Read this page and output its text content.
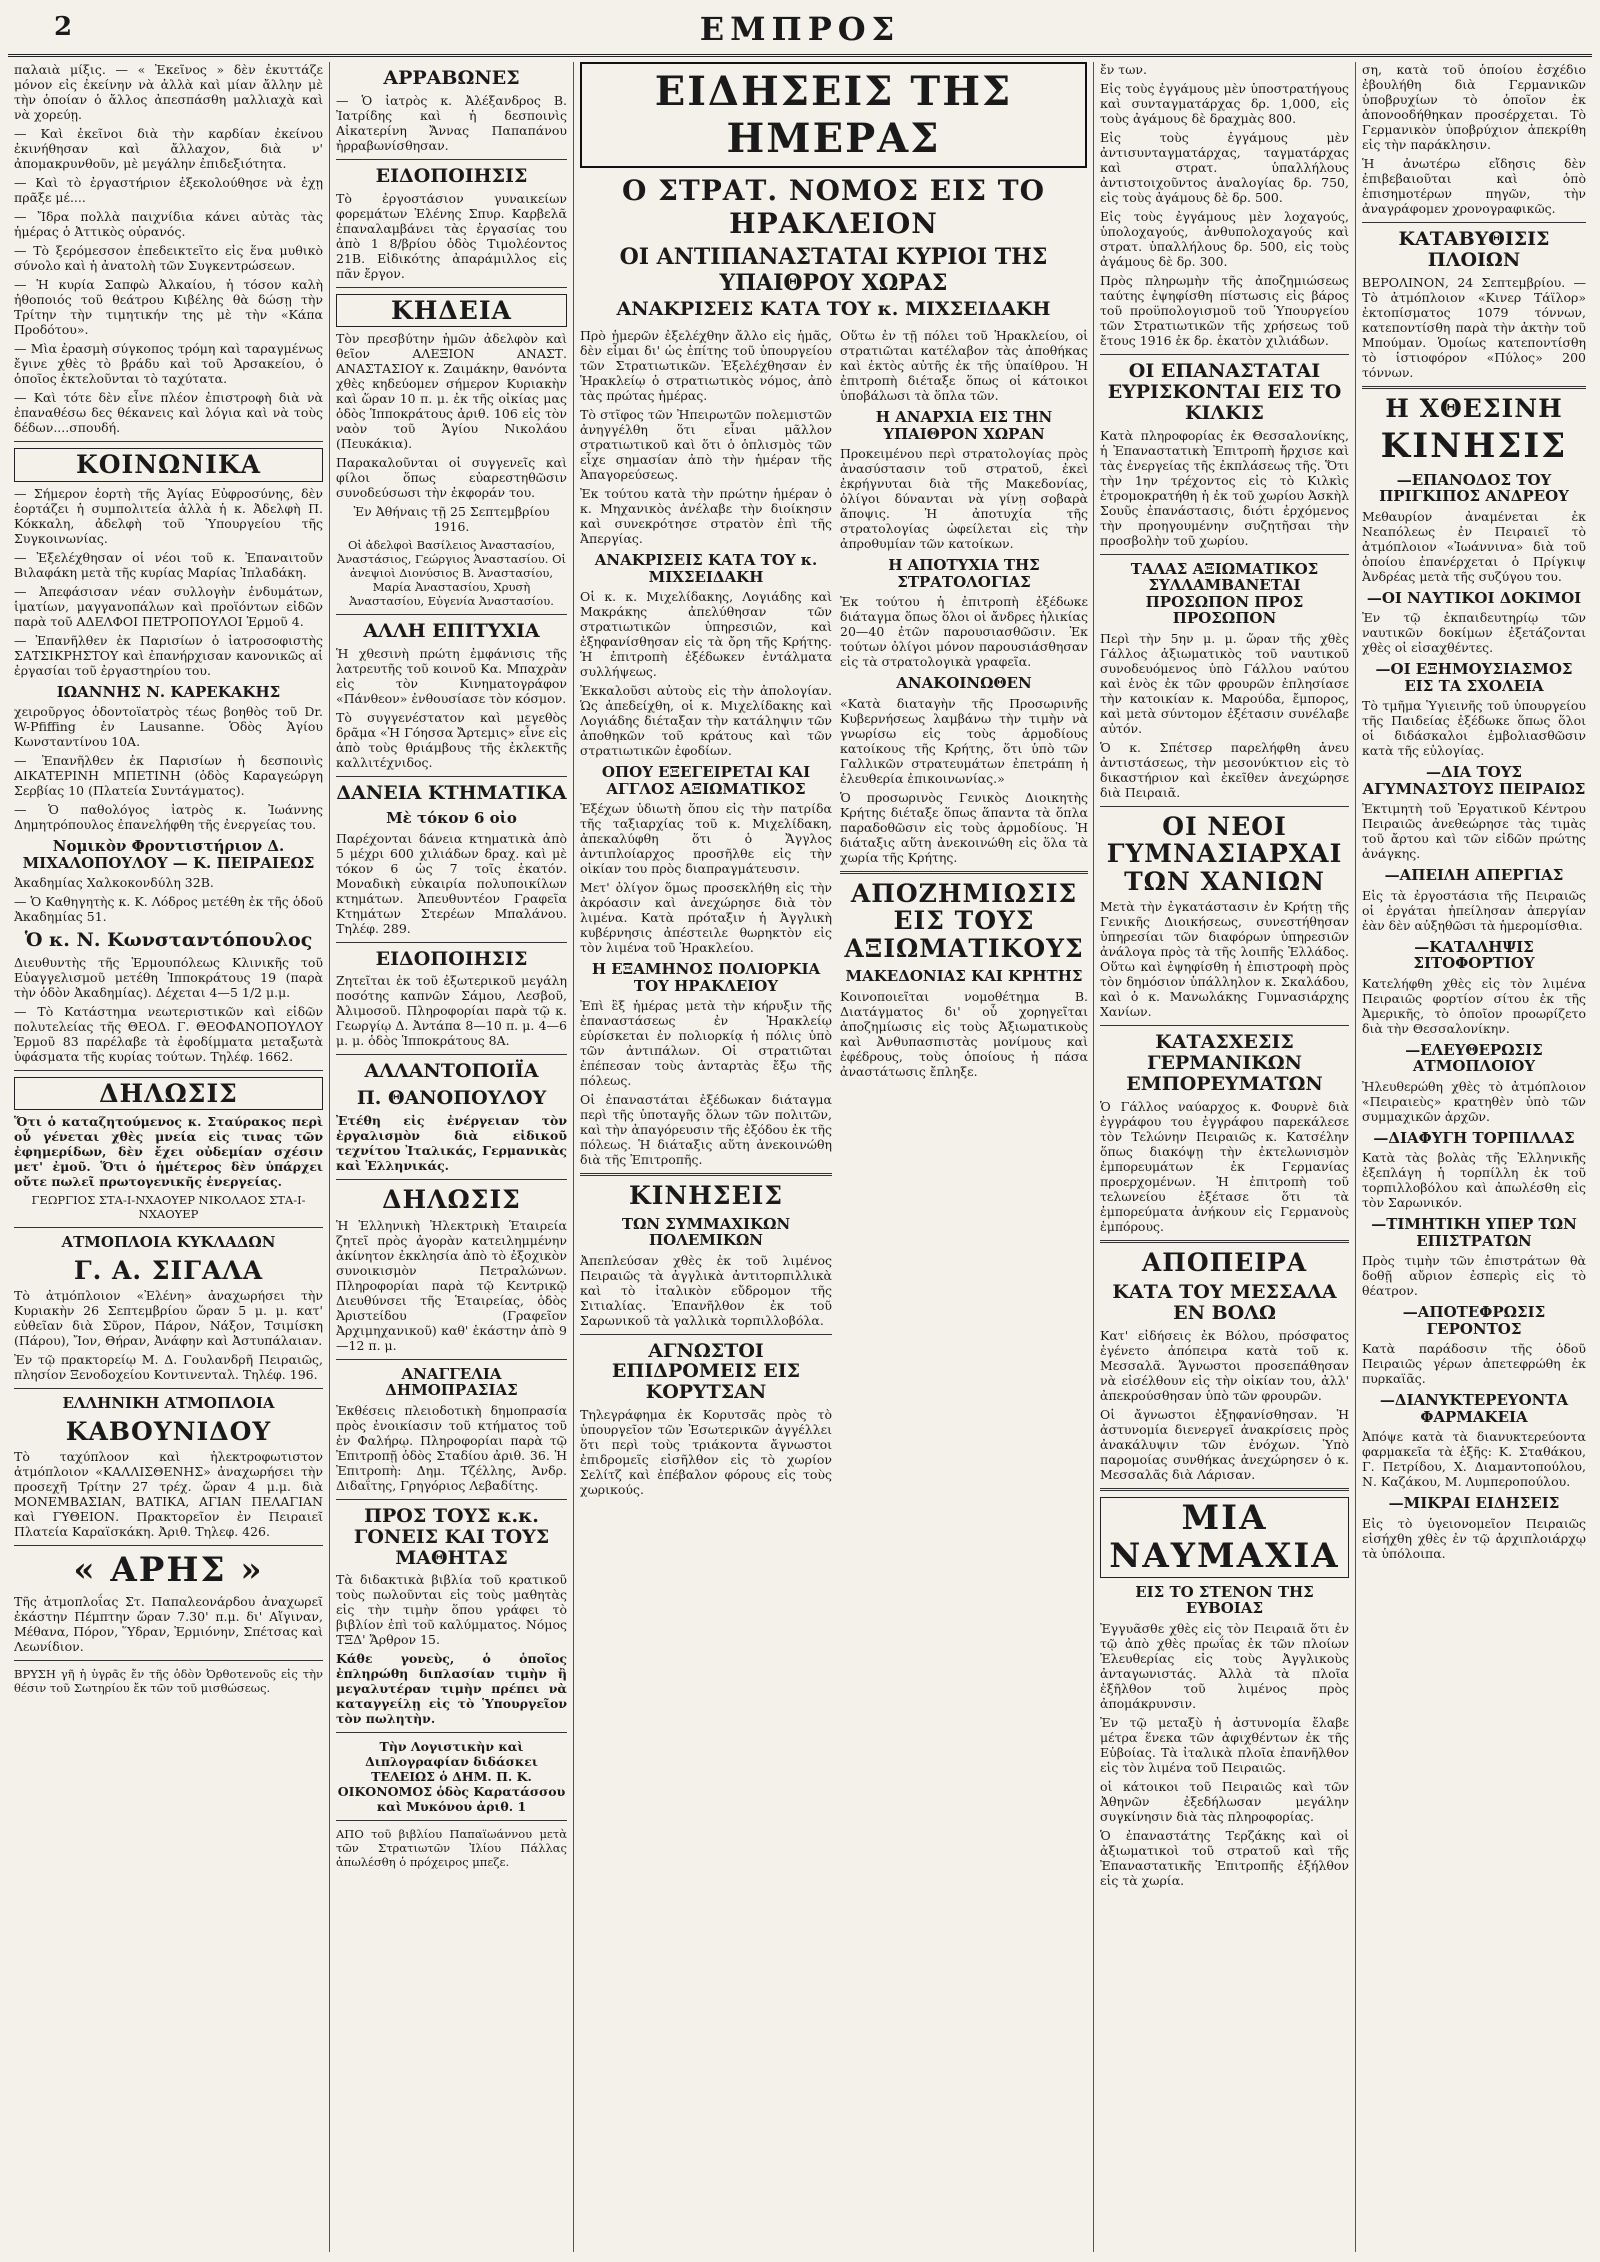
2	ΕΜΠΡΟΣ

παλαιὰ μίξις. — « Ἐκεῖνος » δὲν ἐκυττάζε μόνον εἰς ἐκείνην νὰ ἀλλὰ καὶ μίαν ἄλλην μὲ τὴν ὁποίαν ὁ ἄλλος ἀπεσπάσθη μαλλιαχὰ καὶ νὰ χορεύῃ.

— Καὶ ἐκεῖνοι διὰ τὴν καρδίαν ἐκείνου ἐκινήθησαν καὶ ἄλλαχον, διὰ ν' ἀπομακρυνθοῦν, μὲ μεγάλην ἐπιδεξιότητα.

— Καὶ τὸ ἐργαστήριον ἐξεκολούθησε νὰ ἐχῃ πρᾶξε μέ....

— Ἴδρα πολλὰ παιχνίδια κάνει αὐτὰς τὰς ἡμέρας ὁ Ἀττικὸς οὐρανός.

— Τὸ ξερόμεσσον ἐπεδεικτεῖτο εἰς ἕνα μυθικὸ σύνολο καὶ ἡ ἀνατολὴ τῶν Συγκεντρώσεων.

— Ἡ κυρία Σαπφὼ Ἀλκαίου, ἡ τόσον καλὴ ἠθοποιός τοῦ θεάτρου Κιβέλης θὰ δώσῃ τὴν Τρίτην τὴν τιμητικήν της μὲ τὴν «Κάπα Προδότου».

— Μὶα ἐρασμὴ σύγκοπος τρόμη καὶ ταραγμένως ἔγινε χθὲς τὸ βράδυ καὶ τοῦ Ἀρσακείου, ὁ ὁποῖος ἐκτελοῦνται τὸ ταχύτατα.

— Καὶ τότε δὲν εἶνε πλέον ἐπιστροφὴ διὰ νὰ ἐπαναθέσω δες θέκανεις καὶ λόγια καὶ νὰ τοὺς δέδων....σπουδή.

ΚΟΙΝΩΝΙΚΑ

— Σήμερον ἑορτὴ τῆς Ἁγίας Εὐφροσύνης, δὲν ἑορτάζει ἡ συμπολιτεία ἀλλὰ ἡ κ. Ἀδελφὴ Π. Κόκκαλη, ἀδελφὴ τοῦ Ὑπουργείου τῆς Συγκοινωνίας.

— Ἐξελέχθησαν οἱ νέοι τοῦ κ. Ἐπαναιτοῦν Βιλαφάκη μετὰ τῆς κυρίας Μαρίας Ἰπλαδάκη.

— Ἀπεφάσισαν νέαν συλλογὴν ἐνδυμάτων, ἱματίων, μαγγανοπάλων καὶ προϊόντων εἰδῶν παρὰ τοῦ ΑΔΕΛΦΟΙ ΠΕΤΡΟΠΟΥΛΟΙ Ἑρμοῦ 4.

— Ἐπανῆλθεν ἐκ Παρισίων ὁ ἰατροσοφιστὴς ΣΑΤΣΙΚΡΗΣΤΟΥ καὶ ἐπανήρχισαν κανονικῶς αἱ ἐργασίαι τοῦ ἐργαστηρίου του.

ΙΩΑΝΝΗΣ Ν. ΚΑΡΕΚΑΚΗΣ

χειροῦργος ὀδοντοϊατρὸς τέως βοηθὸς τοῦ Dr. W-Pfiffing ἐν Lausanne. Ὁδὸς Ἀγίου Κωνσταντίνου 10Α.

— Ἐπανῆλθεν ἐκ Παρισίων ἡ δεσποινὶς ΑΙΚΑΤΕΡΙΝΗ ΜΠΕΤΙΝΗ (ὁδὸς Καραγεώργη Σερβίας 10 (Πλατεία Συντάγματος).

— Ὁ παθολόγος ἰατρὸς κ. Ἰωάννης Δημητρόπουλος ἐπανελήφθη τῆς ἐνεργείας του.

Νομικὸν Φροντιστήριον Δ. ΜΙΧΑΛΟΠΟΥΛΟΥ — Κ. ΠΕΙΡΑΙΕΩΣ

Ἀκαδημίας Χαλκοκονδύλη 32Β.

— Ὁ Καθηγητὴς κ. Κ. Λόδρος μετέθη ἐκ τῆς ὁδοῦ Ἀκαδημίας 51.

Ὁ κ. Ν. Κωνσταντόπουλος

Διευθυντὴς τῆς Ἑρμουπόλεως Κλινικῆς τοῦ Εὐαγγελισμοῦ μετέθη Ἱπποκράτους 19 (παρὰ τὴν ὁδὸν Ἀκαδημίας). Δέχεται 4—5 1/2 μ.μ.

— Τὸ Κατάστημα νεωτεριστικῶν καὶ εἰδῶν πολυτελείας τῆς ΘΕΟΔ. Γ. ΘΕΟΦΑΝΟΠΟΥΛΟΥ Ἑρμοῦ 83 παρέλαβε τὰ ἐφοδίμματα μεταξωτὰ ὑφάσματα τῆς κυρίας τούτων. Τηλέφ. 1662.

ΔΗΛΩΣΙΣ

Ὅτι ὁ καταζητούμενος κ. Σταύρακος περὶ οὗ γένεται χθὲς μνεία εἰς τινας τῶν ἐφημερίδων, δὲν ἔχει οὐδεμίαν σχέσιν μετ' ἐμοῦ. Ὅτι ὁ ἡμέτερος δὲν ὑπάρχει οὔτε πωλεῖ πρωτογενικῆς ἐνεργείας.

ΓΕΩΡΓΙΟΣ ΣΤΑ-Ι-ΝΧΑΟΥΕΡ ΝΙΚΟΛΑΟΣ ΣΤΑ-Ι-ΝΧΑΟΥΕΡ

ΑΤΜΟΠΛΟΙΑ ΚΥΚΛΑΔΩΝ
Γ. Α. ΣΙΓΑΛΑ

Τὸ ἀτμόπλοιον «Ἐλένη» ἀναχωρήσει τὴν Κυριακὴν 26 Σεπτεμβρίου ὥραν 5 μ. μ. κατ' εὐθεῖαν διὰ Σῦρον, Πάρον, Νάξον, Τσιμίσκη (Πάρου), Ἴον, Θήραν, Ἀνάφην καὶ Ἀστυπάλαιαν.

Ἐν τῷ πρακτορείῳ Μ. Δ. Γουλανδρῆ Πειραιῶς, πλησίον Ξενοδοχείου Κοντινενταλ. Τηλέφ. 196.

ΕΛΛΗΝΙΚΗ ΑΤΜΟΠΛΟΙΑ
ΚΑΒΟΥΝΙΔΟΥ

Τὸ ταχύπλοον καὶ ἠλεκτροφωτιστον ἀτμόπλοιον «ΚΑΛΛΙΣΘΕΝΗΣ» ἀναχωρήσει τὴν προσεχῆ Τρίτην 27 τρέχ. ὥραν 4 μ.μ. διὰ ΜΟΝΕΜΒΑΣΙΑΝ, ΒΑΤΙΚΑ, ΑΓΙΑΝ ΠΕΛΑΓΙΑΝ καὶ ΓΥΘΕΙΟΝ. Πρακτορεῖον ἐν Πειραιεῖ Πλατεία Καραϊσκάκη. Ἀριθ. Τηλεφ. 426.

« ΑΡΗΣ »

Τῆς ἀτμοπλοΐας Στ. Παπαλεονάρδου ἀναχωρεῖ ἐκάστην Πέμπτην ὥραν 7.30' π.μ. δι' Αἴγιναν, Μέθανα, Πόρον, Ὕδραν, Ἑρμιόνην, Σπέτσας καὶ Λεωνίδιον.

ΒΡΥΣΗ γῆ ἡ ὑγρᾶς ἔν τῆς ὁδὸν Ὀρθοτενοῦς εἰς τὴν θέσιν τοῦ Σωτηρίου ἔκ τῶν τοῦ μισθώσεως.

ΑΡΡΑΒΩΝΕΣ

— Ὁ ἰατρὸς κ. Ἀλέξανδρος Β. Ἰατρίδης καὶ ἡ δεσποινὶς Αἰκατερίνη Ἄννας Παπαπάνου ἠρραβωνίσθησαν.

ΕΙΔΟΠΟΙΗΣΙΣ

Τὸ ἐργοστάσιον γυναικείων φορεμάτων Ἑλένης Σπυρ. Καρβελᾶ ἐπαναλαμβάνει τὰς ἐργασίας του ἀπὸ 1 8/βρίου ὁδὸς Τιμολέοντος 21Β. Εἰδικότης ἀπαράμιλλος εἰς πᾶν ἔργον.

ΚΗΔΕΙΑ

Τὸν πρεσβύτην ἡμῶν ἀδελφὸν καὶ θεῖον ΑΛΕΞΙΟΝ ΑΝΑΣΤ. ΑΝΑΣΤΑΣΙΟΥ κ. Ζαιμάκην, θανόντα χθὲς κηδεύομεν σήμερον Κυριακὴν καὶ ὥραν 10 π. μ. ἐκ τῆς οἰκίας μας ὁδὸς Ἱπποκράτους ἀριθ. 106 εἰς τὸν ναὸν τοῦ Ἁγίου Νικολάου (Πευκάκια).

Παρακαλοῦνται οἱ συγγενεῖς καὶ φίλοι ὅπως εὐαρεστηθῶσιν συνοδεύσωσι τὴν ἐκφοράν του.

Ἐν Ἀθήναις τῇ 25 Σεπτεμβρίου 1916.

Οἱ ἀδελφοὶ Βασίλειος Ἀναστασίου, Ἀναστάσιος, Γεώργιος Ἀναστασίου. Οἱ ἀνεψιοὶ Διονύσιος Β. Ἀναστασίου, Μαρία Ἀναστασίου, Χρυσὴ Ἀναστασίου, Εὐγενία Ἀναστασίου.

ΑΛΛΗ ΕΠΙΤΥΧΙΑ

Ἡ χθεσινὴ πρώτη ἐμφάνισις τῆς λατρευτῆς τοῦ κοινοῦ Κα. Μπαχρὰν εἰς τὸν Κινηματογράφον «Πάνθεον» ἐνθουσίασε τὸν κόσμον.

Τὸ συγγενέστατον καὶ μεγεθὸς δρᾶμα «Ἡ Γόησσα Ἄρτεμις» εἶνε εἰς ἀπὸ τοὺς θριάμβους τῆς ἐκλεκτῆς καλλιτέχνιδος.

ΔΑΝΕΙΑ ΚΤΗΜΑΤΙΚΑ
Μὲ τόκον 6 οἰο

Παρέχονται δάνεια κτηματικὰ ἀπὸ 5 μέχρι 600 χιλιάδων δραχ. καὶ μὲ τόκον 6 ὡς 7 τοῖς ἑκατόν. Μοναδικὴ εὐκαιρία πολυποικίλων κτημάτων. Ἀπευθυντέον Γραφεῖα Κτημάτων Στερέων Μπαλάνου. Τηλέφ. 289.

ΕΙΔΟΠΟΙΗΣΙΣ

Ζητεῖται ἐκ τοῦ ἐξωτερικοῦ μεγάλη ποσότης καπνῶν Σάμου, Λεσβοῦ, Ἀλιμοσοῦ. Πληροφορίαι παρὰ τῷ κ. Γεωργίῳ Δ. Ἀντάπα 8—10 π. μ. 4—6 μ. μ. ὁδὸς Ἱπποκράτους 8Α.

ΑΛΛΑΝΤΟΠΟΙΪΑ
Π. ΘΑΝΟΠΟΥΛΟΥ

Ἐτέθη εἰς ἐνέργειαν τὸν ἐργαλισμὸν διὰ εἰδικοῦ τεχνίτου Ἰταλικάς, Γερμανικὰς καὶ Ἑλληνικάς.

ΔΗΛΩΣΙΣ

Ἡ Ἑλληνικὴ Ἠλεκτρικὴ Ἑταιρεία ζητεῖ πρὸς ἀγορὰν κατειλημμένην ἀκίνητον ἐκκλησία ἀπὸ τὸ ἐξοχικὸν συνοικισμὸν Πετραλώνων. Πληροφορίαι παρὰ τῷ Κεντρικῷ Διευθύνσει τῆς Ἑταιρείας, ὁδὸς Ἀριστείδου (Γραφεῖον Ἀρχιμηχανικοῦ) καθ' ἑκάστην ἀπὸ 9—12 π. μ.

ΑΝΑΓΓΕΛΙΑ ΔΗΜΟΠΡΑΣΙΑΣ

Ἐκθέσεις πλειοδοτικὴ δημοπρασία πρὸς ἐνοικίασιν τοῦ κτήματος τοῦ ἐν Φαλήρῳ. Πληροφορίαι παρὰ τῷ Ἐπιτροπῇ ὁδὸς Σταδίου ἀριθ. 36. Ἡ Ἐπιτροπὴ: Δημ. Τζέλλης, Ἀνδρ. Διδαΐτης, Γρηγόριος Λεβαδίτης.

ΠΡΟΣ ΤΟΥΣ κ.κ. ΓΟΝΕΙΣ ΚΑΙ ΤΟΥΣ ΜΑΘΗΤΑΣ

Τὰ διδακτικὰ βιβλία τοῦ κρατικοῦ τοὺς πωλοῦνται εἰς τοὺς μαθητὰς εἰς τὴν τιμὴν ὅπου γράφει τὸ βιβλίον ἐπὶ τοῦ καλύμματος. Νόμος ΤΞΔ' Ἄρθρον 15.

Κάθε γονεὺς, ὁ ὁποῖος ἐπληρώθη διπλασίαν τιμὴν ἢ μεγαλυτέραν τιμὴν πρέπει νὰ καταγγείλῃ εἰς τὸ Ὑπουργεῖον τὸν πωλητὴν.

Τὴν Λογιστικὴν καὶ Διπλογραφίαν διδάσκει ΤΕΛΕΙΩΣ ὁ ΔΗΜ. Π. Κ. ΟΙΚΟΝΟΜΟΣ ὁδὸς Καρατάσσου καὶ Μυκόνου ἀριθ. 1

ΑΠΟ τοῦ βιβλίου Παπαϊωάννου μετὰ τῶν Στρατιωτῶν Ἰλίου Πάλλας ἀπωλέσθη ὁ πρόχειρος μπεζε.

ΕΙΔΗΣΕΙΣ ΤΗΣ ΗΜΕΡΑΣ
Ο ΣΤΡΑΤ. ΝΟΜΟΣ ΕΙΣ ΤΟ ΗΡΑΚΛΕΙΟΝ
ΟΙ ΑΝΤΙΠΑΝΑΣΤΑΤΑΙ ΚΥΡΙΟΙ ΤΗΣ ΥΠΑΙΘΡΟΥ ΧΩΡΑΣ
ΑΝΑΚΡΙΣΕΙΣ ΚΑΤΑ ΤΟΥ κ. ΜΙΧΣΕΙΔΑΚΗ

Πρὸ ἡμερῶν ἐξελέχθην ἄλλο εἰς ἡμᾶς, δὲν εἶμαι δι' ὡς ἐπίτης τοῦ ὑπουργείου τῶν Στρατιωτικῶν. Ἐξελέχθησαν ἐν Ἡρακλείῳ ὁ στρατιωτικὸς νόμος, ἀπὸ τὰς πρώτας ἡμέρας.

Τὸ στῖφος τῶν Ἠπειρωτῶν πολεμιστῶν ἀνηγγέλθη ὅτι εἶναι μᾶλλον στρατιωτικοῦ καὶ ὅτι ὁ ὁπλισμὸς τῶν εἶχε σημασίαν ἀπὸ τὴν ἡμέραν τῆς Ἀπαγορεύσεως.

Ἐκ τούτου κατὰ τὴν πρώτην ἡμέραν ὁ κ. Μηχανικὸς ἀνέλαβε τὴν διοίκησιν καὶ συνεκρότησε στρατὸν ἐπὶ τῆς Ἀπεργίας.

ΑΝΑΚΡΙΣΕΙΣ ΚΑΤΑ ΤΟΥ κ. ΜΙΧΣΕΙΔΑΚΗ

Οἱ κ. κ. Μιχελίδακης, Λογιάδης καὶ Μακράκης ἀπελύθησαν τῶν στρατιωτικῶν ὑπηρεσιῶν, καὶ ἐξηφανίσθησαν εἰς τὰ ὄρη τῆς Κρήτης. Ἡ ἐπιτροπὴ ἐξέδωκεν ἐντάλματα συλλήψεως.

Ἐκκαλοῦσι αὐτοὺς εἰς τὴν ἀπολογίαν. Ὡς ἀπεδείχθη, οἱ κ. Μιχελίδακης καὶ Λογιάδης διέταξαν τὴν κατάληψιν τῶν ἀποθηκῶν τοῦ κράτους καὶ τῶν στρατιωτικῶν ἐφοδίων.

ΟΠΟΥ ΕΞΕΓΕΙΡΕΤΑΙ ΚΑΙ ΑΓΓΛΟΣ ΑΞΙΩΜΑΤΙΚΟΣ

Ἐξέχων ὑδιωτὴ ὅπου εἰς τὴν πατρίδα τῆς ταξιαρχίας τοῦ κ. Μιχελίδακη, ἀπεκαλύφθη ὅτι ὁ Ἄγγλος ἀντιπλοίαρχος προσῆλθε εἰς τὴν οἰκίαν του πρὸς διαπραγμάτευσιν.

Μετ' ὀλίγον ὅμως προσεκλήθη εἰς τὴν ἀκρόασιν καὶ ἀνεχώρησε διὰ τὸν λιμένα. Κατὰ πρόταξιν ἡ Ἀγγλικὴ κυβέρνησις ἀπέστειλε θωρηκτὸν εἰς τὸν λιμένα τοῦ Ἡρακλείου.

Η ΕΞΑΜΗΝΟΣ ΠΟΛΙΟΡΚΙΑ ΤΟΥ ΗΡΑΚΛΕΙΟΥ

Ἐπὶ ἓξ ἡμέρας μετὰ τὴν κήρυξιν τῆς ἐπαναστάσεως ἐν Ἡρακλείῳ εὑρίσκεται ἐν πολιορκίᾳ ἡ πόλις ὑπὸ τῶν ἀντιπάλων. Οἱ στρατιῶται ἐπέπεσαν τοὺς ἀνταρτὰς ἔξω τῆς πόλεως.

Οἱ ἐπαναστάται ἐξέδωκαν διάταγμα περὶ τῆς ὑποταγῆς ὅλων τῶν πολιτῶν, καὶ τὴν ἀπαγόρευσιν τῆς ἐξόδου ἐκ τῆς πόλεως. Ἡ διάταξις αὕτη ἀνεκοινώθη διὰ τῆς Ἐπιτροπῆς.

ΚΙΝΗΣΕΙΣ
ΤΩΝ ΣΥΜΜΑΧΙΚΩΝ ΠΟΛΕΜΙΚΩΝ

Ἀπεπλεύσαν χθὲς ἐκ τοῦ λιμένος Πειραιῶς τὰ ἀγγλικὰ ἀντιτορπιλλικὰ καὶ τὸ ἰταλικὸν εὔδρομον τῆς Σιτιαλίας. Ἐπανῆλθον ἐκ τοῦ Σαρωνικοῦ τὰ γαλλικὰ τορπιλλοβόλα.

ΑΓΝΩΣΤΟΙ ΕΠΙΔΡΟΜΕΙΣ ΕΙΣ ΚΟΡΥΤΣΑΝ

Τηλεγράφημα ἐκ Κορυτσᾶς πρὸς τὸ ὑπουργεῖον τῶν Ἐσωτερικῶν ἀγγέλλει ὅτι περὶ τοὺς τριάκοντα ἄγνωστοι ἐπιδρομεῖς εἰσῆλθον εἰς τὸ χωρίον Σελίτζ καὶ ἐπέβαλον φόρους εἰς τοὺς χωρικούς.

Οὕτω ἐν τῇ πόλει τοῦ Ἡρακλείου, οἱ στρατιῶται κατέλαβον τὰς ἀποθήκας καὶ ἐκτὸς αὐτῆς ἐκ τῆς ὑπαίθρου. Ἡ ἐπιτροπὴ διέταξε ὅπως οἱ κάτοικοι ὑποβάλωσι τὰ ὅπλα τῶν.

Η ΑΝΑΡΧΙΑ ΕΙΣ ΤΗΝ ΥΠΑΙΘΡΟΝ ΧΩΡΑΝ

Προκειμένου περὶ στρατολογίας πρὸς ἀνασύστασιν τοῦ στρατοῦ, ἐκεὶ ἐκρήγνυται διὰ τῆς Μακεδονίας, ὀλίγοι δύνανται νὰ γίνῃ σοβαρὰ ἄποψις. Ἡ ἀποτυχία τῆς στρατολογίας ὠφείλεται εἰς τὴν ἀπροθυμίαν τῶν κατοίκων.

Η ΑΠΟΤΥΧΙΑ ΤΗΣ ΣΤΡΑΤΟΛΟΓΙΑΣ

Ἐκ τούτου ἡ ἐπιτροπὴ ἐξέδωκε διάταγμα ὅπως ὅλοι οἱ ἄνδρες ἡλικίας 20—40 ἐτῶν παρουσιασθῶσιν. Ἐκ τούτων ὀλίγοι μόνον παρουσιάσθησαν εἰς τὰ στρατολογικὰ γραφεῖα.

ΑΝΑΚΟΙΝΩΘΕΝ

«Κατὰ διαταγὴν τῆς Προσωρινῆς Κυβερνήσεως λαμβάνω τὴν τιμὴν νὰ γνωρίσω εἰς τοὺς ἁρμοδίους κατοίκους τῆς Κρήτης, ὅτι ὑπὸ τῶν Γαλλικῶν στρατευμάτων ἐπετράπη ἡ ἐλευθερία ἐπικοινωνίας.»

Ὁ προσωρινὸς Γενικὸς Διοικητὴς Κρήτης διέταξε ὅπως ἅπαντα τὰ ὅπλα παραδοθῶσιν εἰς τοὺς ἀρμοδίους. Ἡ διάταξις αὕτη ἀνεκοινώθη εἰς ὅλα τὰ χωρία τῆς Κρήτης.

ΑΠΟΖΗΜΙΩΣΙΣ ΕΙΣ ΤΟΥΣ ΑΞΙΩΜΑΤΙΚΟΥΣ
ΜΑΚΕΔΟΝΙΑΣ ΚΑΙ ΚΡΗΤΗΣ

Κοινοποιεῖται νομοθέτημα Β. Διατάγματος δι' οὗ χορηγεῖται ἀποζημίωσις εἰς τοὺς Ἀξιωματικοὺς καὶ Ἀνθυπασπιστὰς μονίμους καὶ ἐφέδρους, τοὺς ὁποίους ἡ πάσα ἀναστάτωσις ἔπληξε.

ἔν των.

Εἰς τοὺς ἐγγάμους μὲν ὑποστρατήγους καὶ συνταγματάρχας δρ. 1,000, εἰς τοὺς ἀγάμους δὲ δραχμὰς 800.

Εἰς τοὺς ἐγγάμους μὲν ἀντισυνταγματάρχας, ταγματάρχας καὶ στρατ. ὑπαλλήλους ἀντιστοιχοῦντος ἀναλογίας δρ. 750, εἰς τοὺς ἀγάμους δὲ δρ. 500.

Εἰς τοὺς ἐγγάμους μὲν λοχαγούς, ὑπολοχαγούς, ἀνθυπολοχαγούς καὶ στρατ. ὑπαλλήλους δρ. 500, εἰς τοὺς ἀγάμους δὲ δρ. 300.

Πρὸς πληρωμὴν τῆς ἀποζημιώσεως ταύτης ἐψηφίσθη πίστωσις εἰς βάρος τοῦ προϋπολογισμοῦ τοῦ Ὑπουργείου τῶν Στρατιωτικῶν τῆς χρήσεως τοῦ ἔτους 1916 ἐκ δρ. ἑκατὸν χιλιάδων.

ΟΙ ΕΠΑΝΑΣΤΑΤΑΙ ΕΥΡΙΣΚΟΝΤΑΙ ΕΙΣ ΤΟ ΚΙΛΚΙΣ

Κατὰ πληροφορίας ἐκ Θεσσαλονίκης, ἡ Ἐπαναστατικὴ Ἐπιτροπὴ ἤρχισε καὶ τὰς ἐνεργείας τῆς ἐκπλάσεως τῆς. Ὅτι τὴν 1ην τρέχοντος εἰς τὸ Κιλκὶς ἐτρομοκρατήθη ἡ ἐκ τοῦ χωρίου Ἀσκὴλ Σουῦς ἐπανάστασις, διότι ἐρχόμενος τὴν προηγουμένην συζητῆσαι τὴν προσβολὴν τοῦ χωρίου.

ΤΑΛΑΣ ΑΞΙΩΜΑΤΙΚΟΣ ΣΥΛΛΑΜΒΑΝΕΤΑΙ ΠΡΟΣΩΠΟΝ ΠΡΟΣ ΠΡΟΣΩΠΟΝ

Περὶ τὴν 5ην μ. μ. ὥραν τῆς χθὲς Γάλλος ἀξιωματικὸς τοῦ ναυτικοῦ συνοδευόμενος ὑπὸ Γάλλου ναύτου καὶ ἑνὸς ἐκ τῶν φρουρῶν ἐπλησίασε τὴν κατοικίαν κ. Μαρούδα, ἔμπορος, καὶ μετὰ σύντομον ἐξέτασιν συνέλαβε αὐτόν.

Ὁ κ. Σπέτσερ παρελήφθη ἀνευ ἀντιστάσεως, τὴν μεσονύκτιον εἰς τὸ δικαστήριον καὶ ἐκεῖθεν ἀνεχώρησε διὰ Πειραιᾶ.

ΟΙ ΝΕΟΙ ΓΥΜΝΑΣΙΑΡΧΑΙ ΤΩΝ ΧΑΝΙΩΝ

Μετὰ τὴν ἐγκατάστασιν ἐν Κρήτῃ τῆς Γενικῆς Διοικήσεως, συνεστήθησαν ὑπηρεσίαι τῶν διαφόρων ὑπηρεσιῶν ἀνάλογα πρὸς τὰ τῆς λοιπῆς Ἑλλάδος. Οὕτω καὶ ἐψηφίσθη ἡ ἐπιστροφὴ πρὸς τὸν δημόσιον ὑπάλληλον κ. Σκαλάδου, καὶ ὁ κ. Μανωλάκης Γυμνασιάρχης Χανίων.

ΚΑΤΑΣΧΕΣΙΣ ΓΕΡΜΑΝΙΚΩΝ ΕΜΠΟΡΕΥΜΑΤΩΝ

Ὁ Γάλλος ναύαρχος κ. Φουρνὲ διὰ ἐγγράφου του ἐγγράφου παρεκάλεσε τὸν Τελώνην Πειραιῶς κ. Κατσέλην ὅπως διακόψῃ τὴν ἐκτελωνισμὸν ἐμπορευμάτων ἐκ Γερμανίας προερχομένων. Ἡ ἐπιτροπὴ τοῦ τελωνείου ἐξέτασε ὅτι τὰ ἐμπορεύματα ἀνήκουν εἰς Γερμανοὺς ἐμπόρους.

ΑΠΟΠΕΙΡΑ
ΚΑΤΑ ΤΟΥ ΜΕΣΣΑΛΑ ΕΝ ΒΟΛΩ

Κατ' εἰδήσεις ἐκ Βόλου, πρόσφατος ἐγένετο ἀπόπειρα κατὰ τοῦ κ. Μεσσαλᾶ. Ἄγνωστοι προσεπάθησαν νὰ εἰσέλθουν εἰς τὴν οἰκίαν του, ἀλλ' ἀπεκρούσθησαν ὑπὸ τῶν φρουρῶν.

Οἱ ἄγνωστοι ἐξηφανίσθησαν. Ἡ ἀστυνομία διενεργεῖ ἀνακρίσεις πρὸς ἀνακάλυψιν τῶν ἐνόχων. Ὑπὸ παρομοίας συνθήκας ἀνεχώρησεν ὁ κ. Μεσσαλᾶς διὰ Λάρισαν.

ΜΙΑ ΝΑΥΜΑΧΙΑ
ΕΙΣ ΤΟ ΣΤΕΝΟΝ ΤΗΣ ΕΥΒΟΙΑΣ

Ἐγγυᾶσθε χθὲς εἰς τὸν Πειραιᾶ ὅτι ἐν τῷ ἀπὸ χθὲς πρωΐας ἐκ τῶν πλοίων Ἐλευθερίας εἰς τοὺς Ἀγγλικοὺς ἀνταγωνιστάς. Ἀλλὰ τὰ πλοῖα ἐξῆλθον τοῦ λιμένος πρὸς ἀπομάκρυνσιν.

Ἐν τῷ μεταξὺ ἡ ἀστυνομία ἔλαβε μέτρα ἕνεκα τῶν ἀφιχθέντων ἐκ τῆς Εὐβοίας. Τὰ ἰταλικὰ πλοῖα ἐπανῆλθον εἰς τὸν λιμένα τοῦ Πειραιῶς.

οἱ κάτοικοι τοῦ Πειραιῶς καὶ τῶν Ἀθηνῶν ἐξεδήλωσαν μεγάλην συγκίνησιν διὰ τὰς πληροφορίας.

Ὁ ἐπαναστάτης Τερζάκης καὶ οἱ ἀξιωματικοὶ τοῦ στρατοῦ καὶ τῆς Ἐπαναστατικῆς Ἐπιτροπῆς ἐξήλθον εἰς τὰ χωρία.

ση, κατὰ τοῦ ὁποίου ἐσχέδιο ἐβουλήθη διὰ Γερμανικῶν ὑποβρυχίων τὸ ὁποῖον ἐκ ἀπονοοδήθηκαν προσέρχεται. Τὸ Γερμανικὸν ὑποβρύχιον ἀπεκρίθη εἰς τὴν παράκλησιν.

Ἡ ἀνωτέρω εἴδησις δὲν ἐπιβεβαιοῦται καὶ ὁπὸ ἐπισημοτέρων πηγῶν, τὴν ἀναγράφομεν χρονογραφικῶς.

ΚΑΤΑΒΥΘΙΣΙΣ ΠΛΟΙΩΝ

ΒΕΡΟΛΙΝΟΝ, 24 Σεπτεμβρίου. — Τὸ ἀτμόπλοιον «Κινερ Τάϊλορ» ἐκτοπίσματος 1079 τόννων, κατεποντίσθη παρὰ τὴν ἀκτὴν τοῦ Μπούμαν. Ὁμοίως κατεποντίσθη τὸ ἱστιοφόρον «Πύλος» 200 τόννων.

Η ΧΘΕΣΙΝΗ
ΚΙΝΗΣΙΣ
—ΕΠΑΝΟΔΟΣ ΤΟΥ ΠΡΙΓΚΙΠΟΣ ΑΝΔΡΕΟΥ

Μεθαυρίον ἀναμένεται ἐκ Νεαπόλεως ἐν Πειραιεῖ τὸ ἀτμόπλοιον «Ἰωάννινα» διὰ τοῦ ὁποίου ἐπανέρχεται ὁ Πρίγκιψ Ἀνδρέας μετὰ τῆς συζύγου του.

—ΟΙ ΝΑΥΤΙΚΟΙ ΔΟΚΙΜΟΙ

Ἐν τῷ ἐκπαιδευτηρίῳ τῶν ναυτικῶν δοκίμων ἐξετάζονται χθὲς οἱ εἰσαχθέντες.

—ΟΙ ΕΞΗΜΟΥΣΙΑΣΜΟΣ ΕΙΣ ΤΑ ΣΧΟΛΕΙΑ

Τὸ τμῆμα Ὑγιεινῆς τοῦ ὑπουργείου τῆς Παιδείας ἐξέδωκε ὅπως ὅλοι οἱ διδάσκαλοι ἐμβολιασθῶσιν κατὰ τῆς εὐλογίας.

—ΔΙΑ ΤΟΥΣ ΑΓΥΜΝΑΣΤΟΥΣ ΠΕΙΡΑΙΩΣ

Ἐκτιμητὴ τοῦ Ἐργατικοῦ Κέντρου Πειραιῶς ἀνεθεώρησε τὰς τιμὰς τοῦ ἄρτου καὶ τῶν εἰδῶν πρώτης ἀνάγκης.

—ΑΠΕΙΛΗ ΑΠΕΡΓΙΑΣ

Εἰς τὰ ἐργοστάσια τῆς Πειραιῶς οἱ ἐργάται ἠπείλησαν ἀπεργίαν ἐὰν δὲν αὐξηθῶσι τὰ ἡμερομίσθια.

—ΚΑΤΑΛΗΨΙΣ ΣΙΤΟΦΟΡΤΙΟΥ

Κατελήφθη χθὲς εἰς τὸν λιμένα Πειραιῶς φορτίον σίτου ἐκ τῆς Ἀμερικῆς, τὸ ὁποῖον προωρίζετο διὰ τὴν Θεσσαλονίκην.

—ΕΛΕΥΘΕΡΩΣΙΣ ΑΤΜΟΠΛΟΙΟΥ

Ἠλευθερώθη χθὲς τὸ ἀτμόπλοιον «Πειραιεὺς» κρατηθὲν ὑπὸ τῶν συμμαχικῶν ἀρχῶν.

—ΔΙΑΦΥΓΗ ΤΟΡΠΙΛΛΑΣ

Κατὰ τὰς βολὰς τῆς Ἑλληνικῆς ἐξεπλάγη ἡ τορπίλλη ἐκ τοῦ τορπιλλοβόλου καὶ ἀπωλέσθη εἰς τὸν Σαρωνικόν.

—ΤΙΜΗΤΙΚΗ ΥΠΕΡ ΤΩΝ ΕΠΙΣΤΡΑΤΩΝ

Πρὸς τιμὴν τῶν ἐπιστράτων θὰ δοθῇ αὔριον ἐσπερὶς εἰς τὸ θέατρον.

—ΑΠΟΤΕΦΡΩΣΙΣ ΓΕΡΟΝΤΟΣ

Κατὰ παράδοσιν τῆς ὁδοῦ Πειραιῶς γέρων ἀπετεφρώθη ἐκ πυρκαϊᾶς.

—ΔΙΑΝΥΚΤΕΡΕΥΟΝΤΑ ΦΑΡΜΑΚΕΙΑ

Ἀπόψε κατὰ τὰ διανυκτερεύοντα φαρμακεῖα τὰ ἑξῆς: Κ. Σταθάκου, Γ. Πετρίδου, Χ. Διαμαντοπούλου, Ν. Καζάκου, Μ. Λυμπεροπούλου.

—ΜΙΚΡΑΙ ΕΙΔΗΣΕΙΣ

Εἰς τὸ ὑγειονομεῖον Πειραιῶς εἰσήχθη χθὲς ἐν τῷ ἀρχιπλοιάρχῳ τὰ ὑπόλοιπα.
